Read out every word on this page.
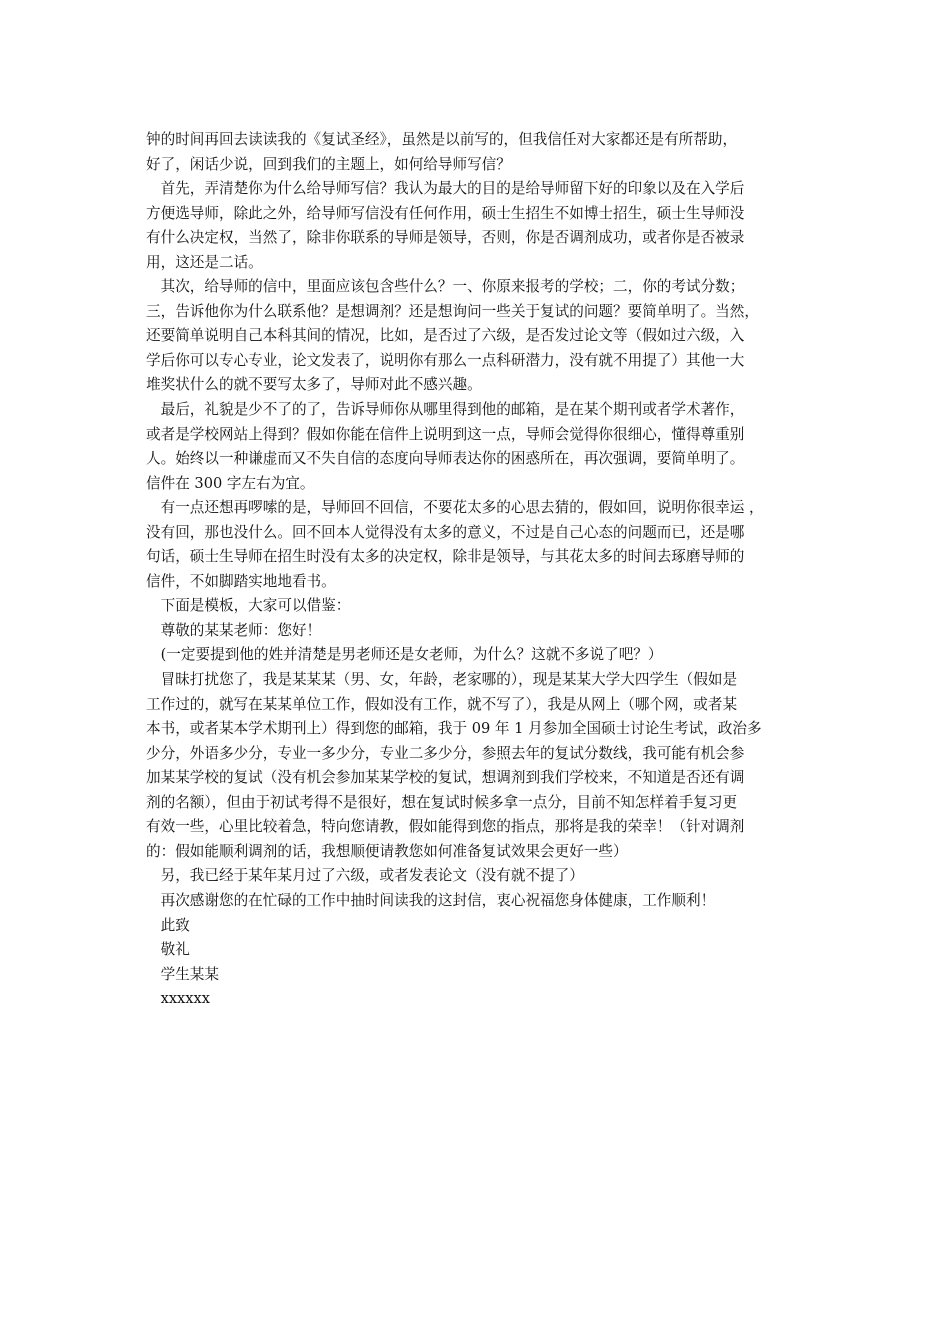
钟的时间再回去读读我的《复试圣经》，虽然是以前写的，但我信任对大家都还是有所帮助，

好了，闲话少说，回到我们的主题上，如何给导师写信？

　首先，弄清楚你为什么给导师写信？我认为最大的目的是给导师留下好的印象以及在入学后

方便选导师，除此之外，给导师写信没有任何作用，硕士生招生不如博士招生，硕士生导师没

有什么决定权，当然了，除非你联系的导师是领导，否则，你是否调剂成功，或者你是否被录

用，这还是二话。

　其次，给导师的信中，里面应该包含些什么？一、你原来报考的学校；二，你的考试分数；

三，告诉他你为什么联系他？是想调剂？还是想询问一些关于复试的问题？要简单明了。当然，

还要简单说明自己本科其间的情况，比如，是否过了六级，是否发过论文等（假如过六级，入

学后你可以专心专业，论文发表了，说明你有那么一点科研潜力，没有就不用提了）其他一大

堆奖状什么的就不要写太多了，导师对此不感兴趣。

　最后，礼貌是少不了的了，告诉导师你从哪里得到他的邮箱，是在某个期刊或者学术著作，

或者是学校网站上得到？假如你能在信件上说明到这一点，导师会觉得你很细心，懂得尊重别

人。始终以一种谦虚而又不失自信的态度向导师表达你的困惑所在，再次强调，要简单明了。

信件在 300 字左右为宜。

　有一点还想再啰嗦的是，导师回不回信，不要花太多的心思去猜的，假如回，说明你很幸运 ，

没有回，那也没什么。回不回本人觉得没有太多的意义，不过是自己心态的问题而已，还是哪

句话，硕士生导师在招生时没有太多的决定权，除非是领导，与其花太多的时间去琢磨导师的

信件，不如脚踏实地地看书。

　下面是模板，大家可以借鉴：

　尊敬的某某老师：您好！

　(一定要提到他的姓并清楚是男老师还是女老师，为什么？这就不多说了吧？）

　冒昧打扰您了，我是某某某（男、女，年龄，老家哪的），现是某某大学大四学生（假如是

工作过的，就写在某某单位工作，假如没有工作，就不写了），我是从网上（哪个网，或者某

本书，或者某本学术期刊上）得到您的邮箱，我于 09 年 1 月参加全国硕士讨论生考试，政治多

少分，外语多少分，专业一多少分，专业二多少分，参照去年的复试分数线，我可能有机会参

加某某学校的复试（没有机会参加某某学校的复试，想调剂到我们学校来，不知道是否还有调

剂的名额），但由于初试考得不是很好，想在复试时候多拿一点分，目前不知怎样着手复习更

有效一些，心里比较着急，特向您请教，假如能得到您的指点，那将是我的荣幸！（针对调剂

的：假如能顺利调剂的话，我想顺便请教您如何准备复试效果会更好一些）

　另，我已经于某年某月过了六级，或者发表论文（没有就不提了）

　再次感谢您的在忙碌的工作中抽时间读我的这封信，衷心祝福您身体健康，工作顺利！

　此致

　敬礼

　学生某某

　xxxxxx
